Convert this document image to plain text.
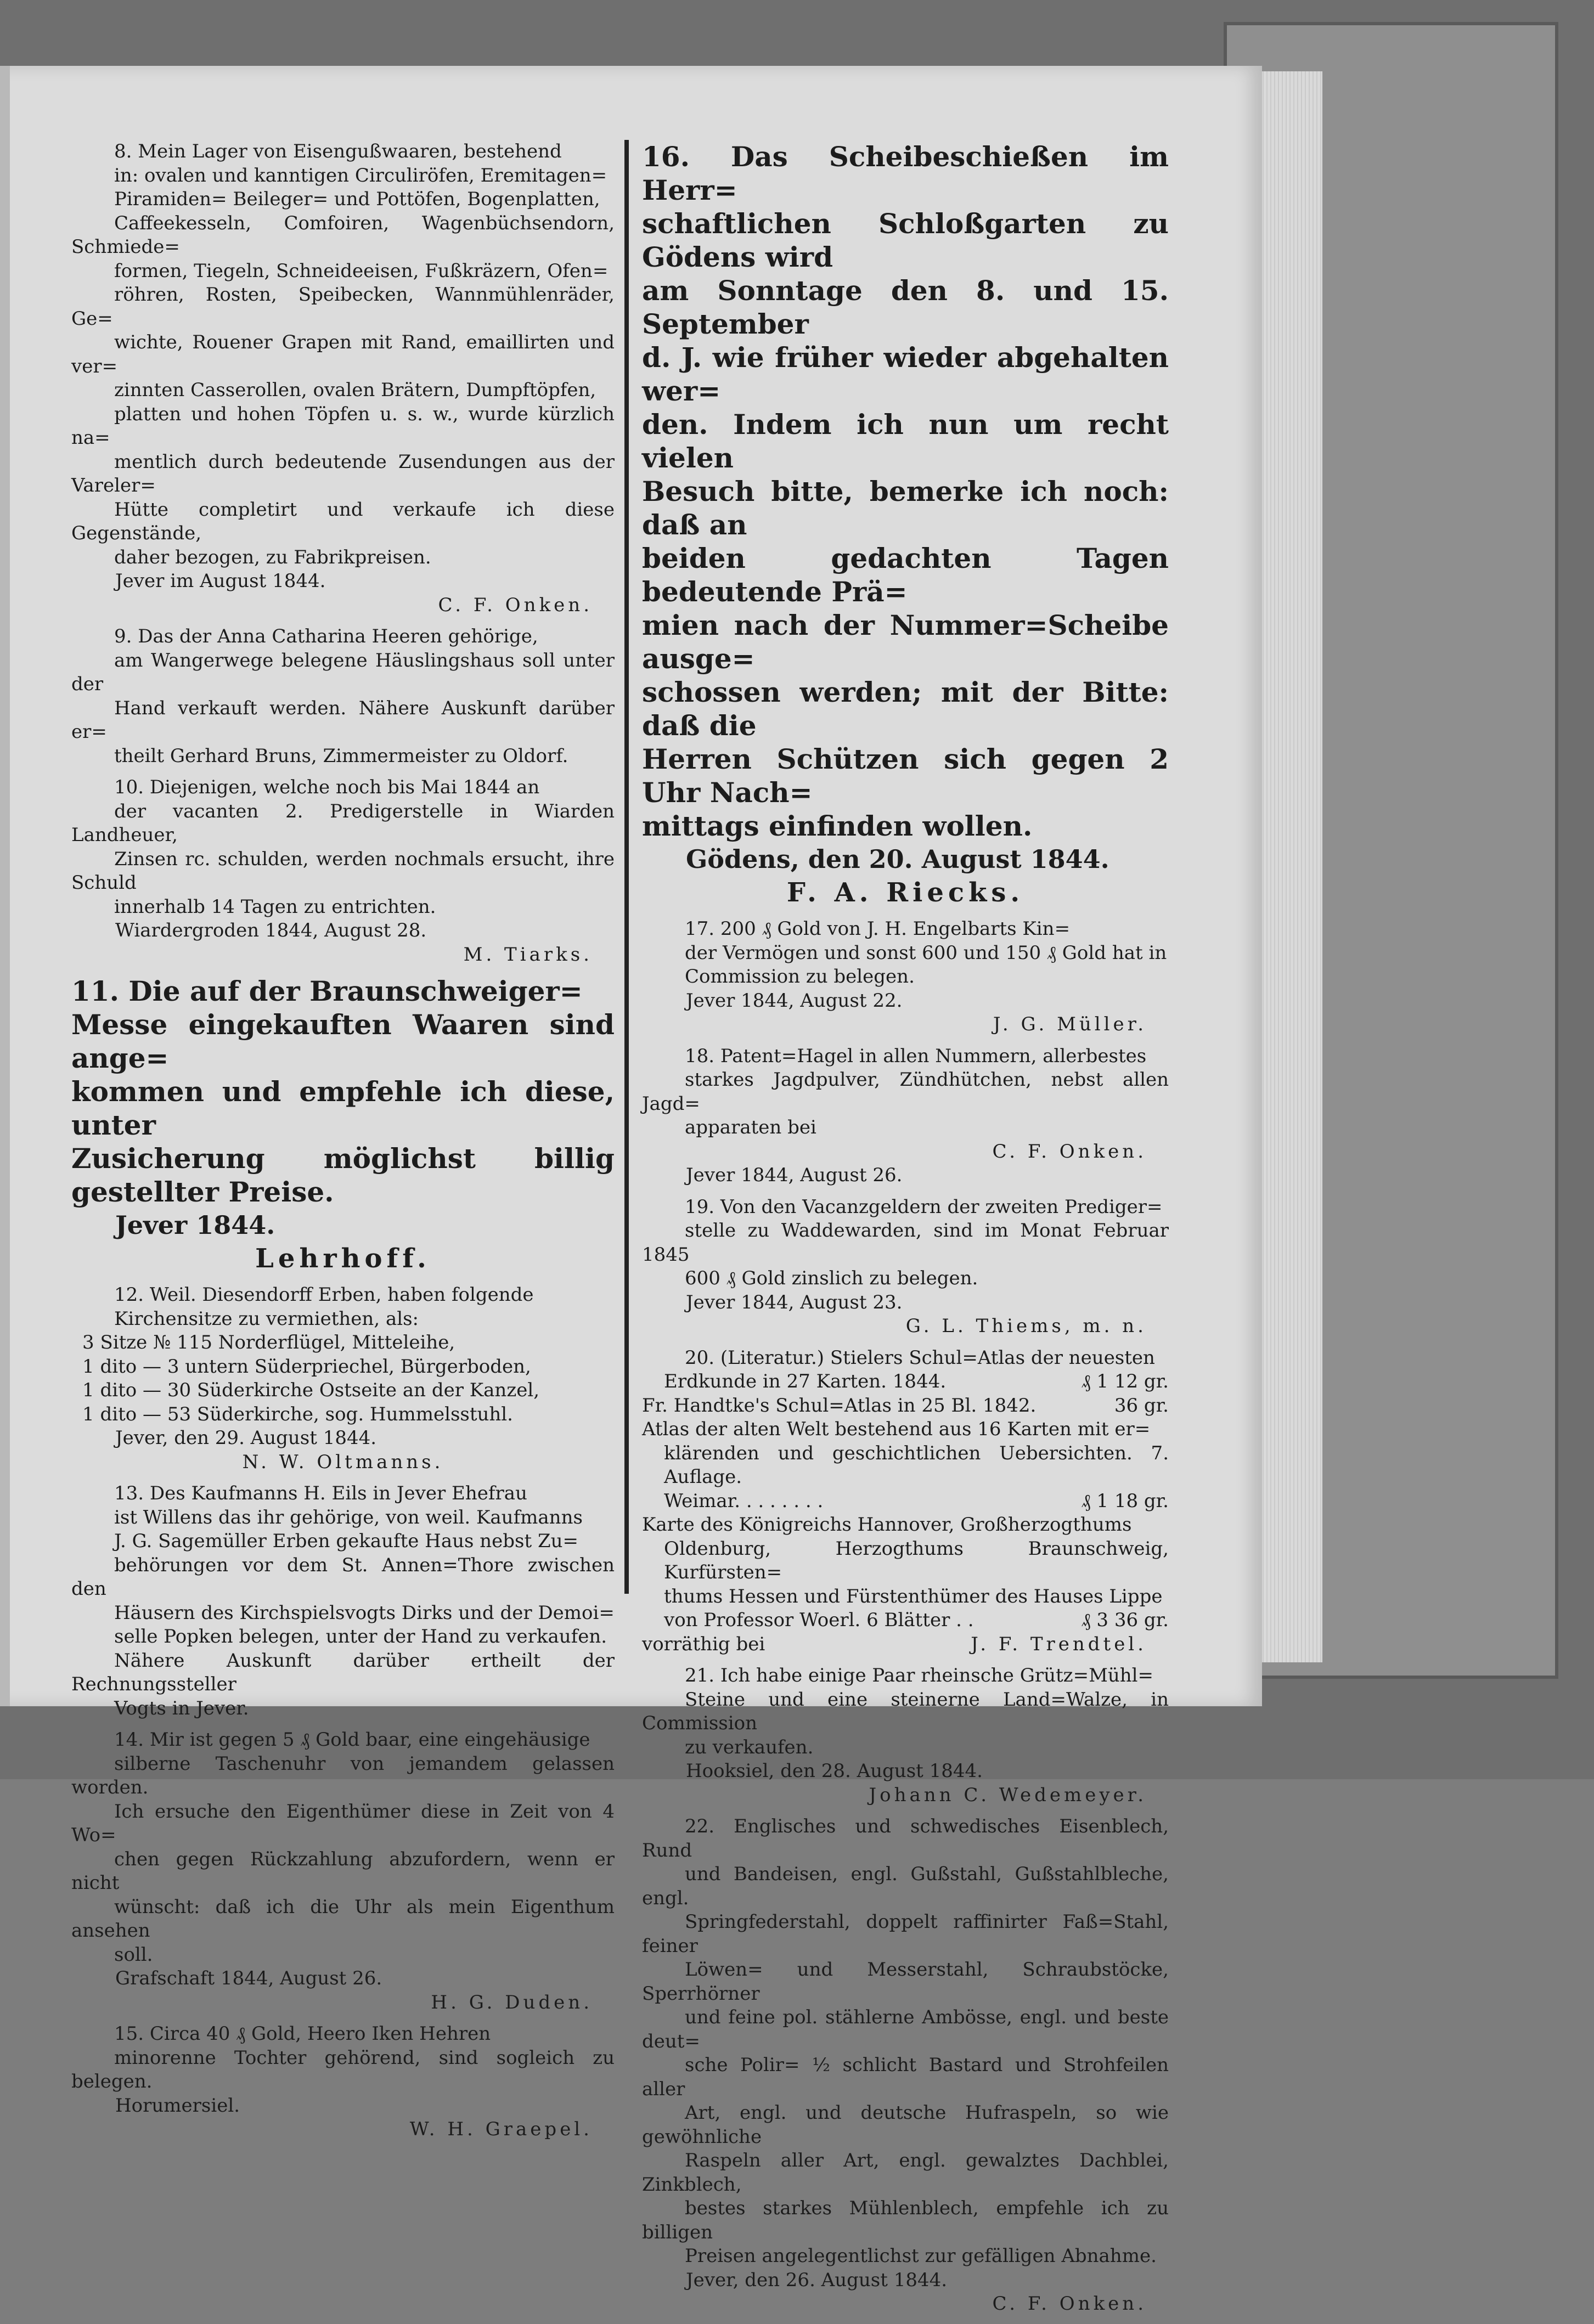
8. Mein Lager von Eisengußwaaren, bestehend
in: ovalen und kanntigen Circuliröfen, Eremitagen=
Piramiden= Beileger= und Pottöfen, Bogenplatten,
Caffeekesseln, Comfoiren, Wagenbüchsendorn, Schmiede=
formen, Tiegeln, Schneideeisen, Fußkräzern, Ofen=
röhren, Rosten, Speibecken, Wannmühlenräder, Ge=
wichte, Rouener Grapen mit Rand, emaillirten und ver=
zinnten Casserollen, ovalen Brätern, Dumpftöpfen,
platten und hohen Töpfen u. s. w., wurde kürzlich na=
mentlich durch bedeutende Zusendungen aus der Vareler=
Hütte completirt und verkaufe ich diese Gegenstände,
daher bezogen, zu Fabrikpreisen.

Jever im August 1844.

C. F. Onken.

9. Das der Anna Catharina Heeren gehörige,
am Wangerwege belegene Häuslingshaus soll unter der
Hand verkauft werden. Nähere Auskunft darüber er=
theilt Gerhard Bruns, Zimmermeister zu Oldorf.

10. Diejenigen, welche noch bis Mai 1844 an
der vacanten 2. Predigerstelle in Wiarden Landheuer,
Zinsen rc. schulden, werden nochmals ersucht, ihre Schuld
innerhalb 14 Tagen zu entrichten.

Wiardergroden 1844, August 28.

M. Tiarks.

11. Die auf der Braunschweiger=
Messe eingekauften Waaren sind ange=
kommen und empfehle ich diese, unter
Zusicherung möglichst billig gestellter Preise.

Jever 1844.

Lehrhoff.

12. Weil. Diesendorff Erben, haben folgende
Kirchensitze zu vermiethen, als:

3 Sitze № 115 Norderflügel, Mitteleihe,

1 dito — 3 untern Süderpriechel, Bürgerboden,

1 dito — 30 Süderkirche Ostseite an der Kanzel,

1 dito — 53 Süderkirche, sog. Hummelsstuhl.

Jever, den 29. August 1844.

N. W. Oltmanns.

13. Des Kaufmanns H. Eils in Jever Ehefrau
ist Willens das ihr gehörige, von weil. Kaufmanns
J. G. Sagemüller Erben gekaufte Haus nebst Zu=
behörungen vor dem St. Annen=Thore zwischen den
Häusern des Kirchspielsvogts Dirks und der Demoi=
selle Popken belegen, unter der Hand zu verkaufen.
Nähere Auskunft darüber ertheilt der Rechnungssteller
Vogts in Jever.

14. Mir ist gegen 5 ₰ Gold baar, eine eingehäusige
silberne Taschenuhr von jemandem gelassen worden.
Ich ersuche den Eigenthümer diese in Zeit von 4 Wo=
chen gegen Rückzahlung abzufordern, wenn er nicht
wünscht: daß ich die Uhr als mein Eigenthum ansehen
soll.

Grafschaft 1844, August 26.

H. G. Duden.

15. Circa 40 ₰ Gold, Heero Iken Hehren
minorenne Tochter gehörend, sind sogleich zu belegen.

Horumersiel.

W. H. Graepel.

16. Das Scheibeschießen im Herr=
schaftlichen Schloßgarten zu Gödens wird
am Sonntage den 8. und 15. September
d. J. wie früher wieder abgehalten wer=
den. Indem ich nun um recht vielen
Besuch bitte, bemerke ich noch: daß an
beiden gedachten Tagen bedeutende Prä=
mien nach der Nummer=Scheibe ausge=
schossen werden; mit der Bitte: daß die
Herren Schützen sich gegen 2 Uhr Nach=
mittags einfinden wollen.

Gödens, den 20. August 1844.

F. A. Riecks.

17. 200 ₰ Gold von J. H. Engelbarts Kin=
der Vermögen und sonst 600 und 150 ₰ Gold hat in
Commission zu belegen.

Jever 1844, August 22.

J. G. Müller.

18. Patent=Hagel in allen Nummern, allerbestes
starkes Jagdpulver, Zündhütchen, nebst allen Jagd=
apparaten bei

C. F. Onken.

Jever 1844, August 26.

19. Von den Vacanzgeldern der zweiten Prediger=
stelle zu Waddewarden, sind im Monat Februar 1845
600 ₰ Gold zinslich zu belegen.

Jever 1844, August 23.

G. L. Thiems, m. n.

20. (Literatur.) Stielers Schul=Atlas der neuesten

Erdkunde in 27 Karten. 1844.	₰ 1 12 gr.
Fr. Handtke's Schul=Atlas in 25 Bl. 1842.	36 gr.

Atlas der alten Welt bestehend aus 16 Karten mit er=
klärenden und geschichtlichen Uebersichten. 7. Auflage.

Weimar. . . . . . . .	₰ 1 18 gr.

Karte des Königreichs Hannover, Großherzogthums
Oldenburg, Herzogthums Braunschweig, Kurfürsten=
thums Hessen und Fürstenthümer des Hauses Lippe

von Professor Woerl. 6 Blätter . .	₰ 3 36 gr.
vorräthig bei	J. F. Trendtel.

21. Ich habe einige Paar rheinsche Grütz=Mühl=
Steine und eine steinerne Land=Walze, in Commission
zu verkaufen.

Hooksiel, den 28. August 1844.

Johann C. Wedemeyer.

22. Englisches und schwedisches Eisenblech, Rund
und Bandeisen, engl. Gußstahl, Gußstahlbleche, engl.
Springfederstahl, doppelt raffinirter Faß=Stahl, feiner
Löwen= und Messerstahl, Schraubstöcke, Sperrhörner
und feine pol. stählerne Ambösse, engl. und beste deut=
sche Polir= ½ schlicht Bastard und Strohfeilen aller
Art, engl. und deutsche Hufraspeln, so wie gewöhnliche
Raspeln aller Art, engl. gewalztes Dachblei, Zinkblech,
bestes starkes Mühlenblech, empfehle ich zu billigen
Preisen angelegentlichst zur gefälligen Abnahme.

Jever, den 26. August 1844.

C. F. Onken.
